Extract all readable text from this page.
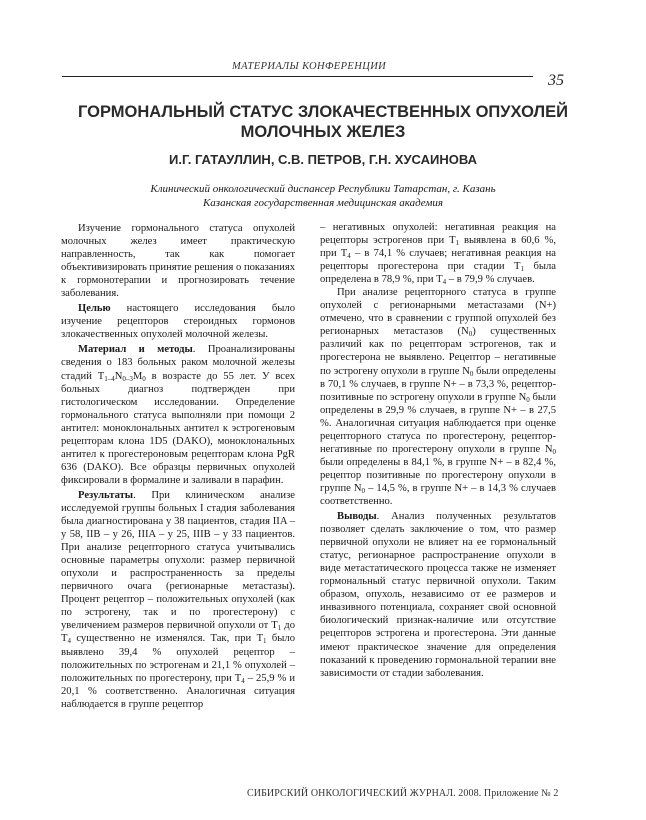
МАТЕРИАЛЫ КОНФЕРЕНЦИИ
35
ГОРМОНАЛЬНЫЙ СТАТУС ЗЛОКАЧЕСТВЕННЫХ ОПУХОЛЕЙ
МОЛОЧНЫХ ЖЕЛЕЗ
И.Г. ГАТАУЛЛИН, С.В. ПЕТРОВ, Г.Н. ХУСАИНОВА
Клинический онкологический диспансер Республики Татарстан, г. Казань
Казанская государственная медицинская академия

Изучение гормонального статуса опухолей молочных желез имеет практическую направленность, так как помогает объективизировать принятие решения о показаниях к гормонотерапии и прогнозировать течение заболевания.

Целью настоящего исследования было изучение рецепторов стероидных гормонов злокачественных опухолей молочной железы.

Материал и методы. Проанализированы сведения о 183 больных раком молочной железы стадий $T_{1-4}N_{0-3}M_0$ в возрасте до 55 лет. У всех больных диагноз подтвержден при гистологическом исследовании. Определение гормонального статуса выполняли при помощи 2 антител: моноклональных антител к эстрогеновым рецепторам клона 1D5 (DAKO), моноклональных антител к прогестероновым рецепторам клона PgR 636 (DAKO). Все образцы первичных опухолей фиксировали в формалине и заливали в парафин.

Результаты. При клиническом анализе исследуемой группы больных I стадия заболевания была диагностирована у 38 пациентов, стадия IIA – у 58, IIB – у 26, IIIA – у 25, IIIB – у 33 пациентов. При анализе рецепторного статуса учитывались основные параметры опухоли: размер первичной опухоли и распространенность за пределы первичного очага (регионарные метастазы). Процент рецептор – положительных опухолей (как по эстрогену, так и по прогестерону) с увеличением размеров первичной опухоли от $T_1$ до $T_4$ существенно не изменялся. Так, при $T_1$ было выявлено 39,4 % опухолей рецептор – положительных по эстрогенам и 21,1 % опухолей – положительных по прогестерону, при $T_4 - 25,9$ % и 20,1 % соответственно. Аналогичная ситуация наблюдается в группе рецептор

– негативных опухолей: негативная реакция на рецепторы эстрогенов при $T_1$ выявлена в 60,6 %, при $T_4$ – в 74,1 % случаев; негативная реакция на рецепторы прогестерона при стадии $T_1$ была определена в 78,9 %, при $T_4$ – в 79,9 % случаев.

При анализе рецепторного статуса в группе опухолей с регионарными метастазами (N+) отмечено, что в сравнении с группой опухолей без регионарных метастазов $(N_0)$ существенных различий как по рецепторам эстрогенов, так и прогестерона не выявлено. Рецептор – негативные по эстрогену опухоли в группе $N_0$ были определены в 70,1 % случаев, в группе N+ – в 73,3 %, рецептор-позитивные по эстрогену опухоли в группе $N_0$ были определены в 29,9 % случаев, в группе N+ – в 27,5 %. Аналогичная ситуация наблюдается при оценке рецепторного статуса по прогестерону, рецептор-негативные по прогестерону опухоли в группе $N_0$ были определены в 84,1 %, в группе N+ – в 82,4 %, рецептор позитивные по прогестерону опухоли в группе $N_0 - 14,5$ %, в группе N+ – в 14,3 % случаев соответственно.

Выводы. Анализ полученных результатов позволяет сделать заключение о том, что размер первичной опухоли не влияет на ее гормональный статус, регионарное распространение опухоли в виде метастатического процесса также не изменяет гормональный статус первичной опухоли. Таким образом, опухоль, независимо от ее размеров и инвазивного потенциала, сохраняет свой основной биологический признак-наличие или отсутствие рецепторов эстрогена и прогестерона. Эти данные имеют практическое значение для определения показаний к проведению гормональной терапии вне зависимости от стадии заболевания.

СИБИРСКИЙ ОНКОЛОГИЧЕСКИЙ ЖУРНАЛ. 2008. Приложение № 2
